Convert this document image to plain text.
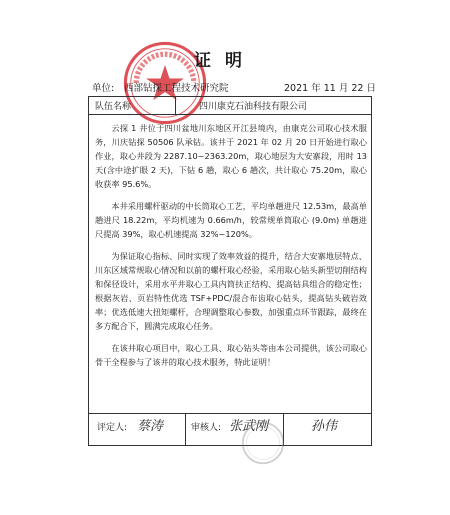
证明
单位: 西部钻探工程技术研究院	2021 年 11 月 22 日
队伍名称	四川康克石油科技有限公司

云探 1 井位于四川盆地川东地区开江县境内，由康克公司取心技术服务，川庆钻探 50506 队承钻。该井于 2021 年 02 月 20 日开始进行取心作业，取心井段为 2287.10~2363.20m，取心地层为大安寨段，用时 13 天(含中途扩眼 2 天)，下钻 6 趟，取心 6 趟次，共计取心 75.20m，取心收获率 95.6%。

本井采用螺杆驱动的中长筒取心工艺，平均单趟进尺 12.53m，最高单趟进尺 18.22m，平均机速为 0.66m/h，较常规单筒取心 (9.0m) 单趟进尺提高 39%，取心机速提高 32%~120%。

为保证取心指标、同时实现了效率效益的提升，结合大安寨地层特点、川东区域常规取心情况和以前的螺杆取心经验，采用取心钻头新型切削结构和保径设计，采用水平井取心工具内筒扶正结构、提高钻具组合的稳定性；根据灰岩、页岩特性优选 TSF+PDC/混合布齿取心钻头，提高钻头破岩效率；优选低速大扭矩螺杆，合理调整取心参数，加强重点环节跟踪，最终在多方配合下，圆满完成取心任务。

在该井取心项目中，取心工具、取心钻头等由本公司提供，该公司取心骨干全程参与了该井的取心技术服务，特此证明！

评定人: 蔡涛	审核人: 张武刚	孙伟
